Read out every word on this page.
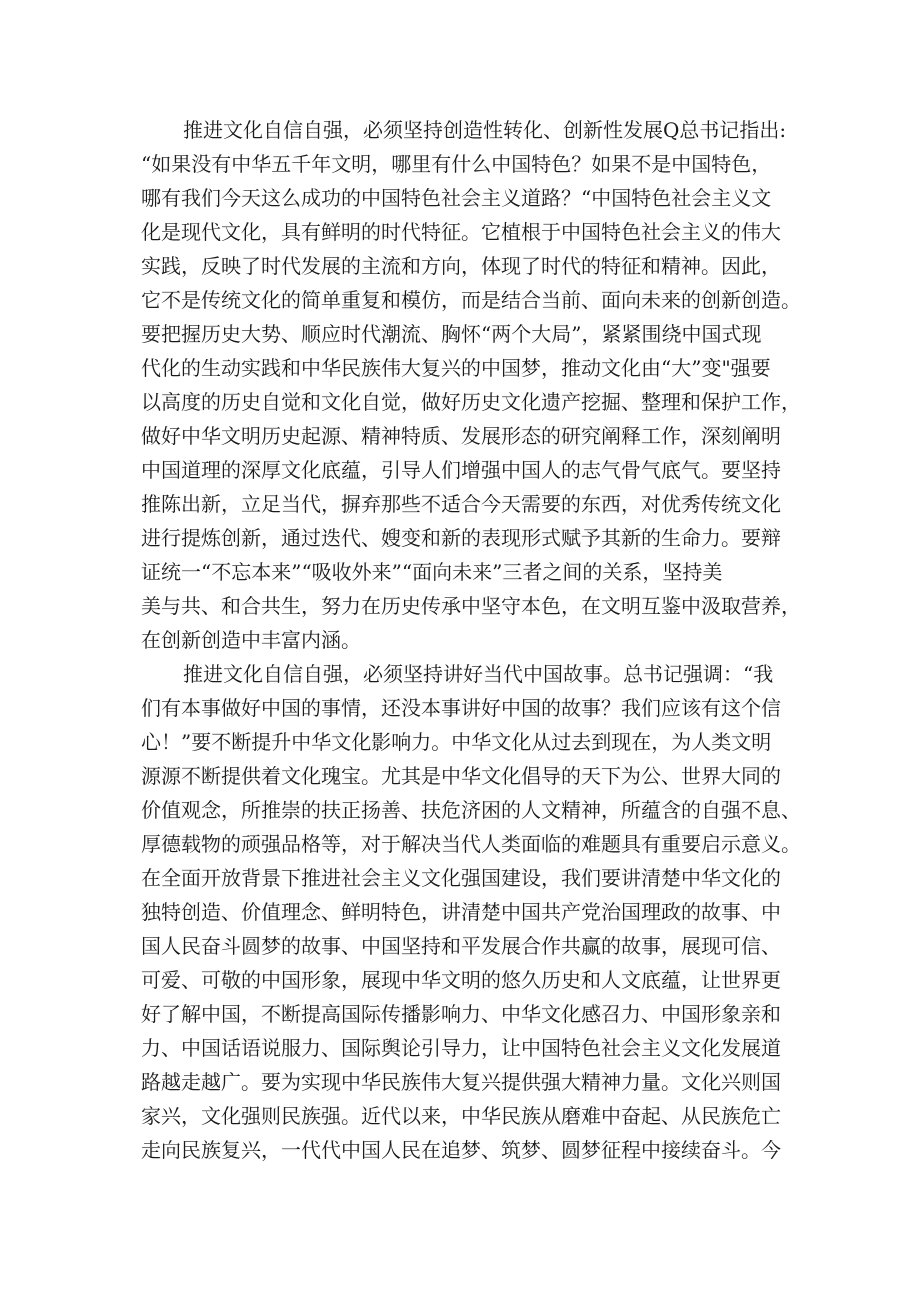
推进文化自信自强，必须坚持创造性转化、创新性发展Q总书记指出:
“如果没有中华五千年文明，哪里有什么中国特色？如果不是中国特色，
哪有我们今天这么成功的中国特色社会主义道路？“中国特色社会主义文
化是现代文化，具有鲜明的时代特征。它植根于中国特色社会主义的伟大
实践，反映了时代发展的主流和方向，体现了时代的特征和精神。因此，
它不是传统文化的简单重复和模仿，而是结合当前、面向未来的创新创造。
要把握历史大势、顺应时代潮流、胸怀“两个大局”，紧紧围绕中国式现
代化的生动实践和中华民族伟大复兴的中国梦，推动文化由“大”变"强要
以高度的历史自觉和文化自觉，做好历史文化遗产挖掘、整理和保护工作，
做好中华文明历史起源、精神特质、发展形态的研究阐释工作，深刻阐明
中国道理的深厚文化底蕴，引导人们增强中国人的志气骨气底气。要坚持
推陈出新，立足当代，摒弃那些不适合今天需要的东西，对优秀传统文化
进行提炼创新，通过迭代、嫂变和新的表现形式赋予其新的生命力。要辩
证统一“不忘本来”“吸收外来”“面向未来”三者之间的关系，坚持美
美与共、和合共生，努力在历史传承中坚守本色，在文明互鉴中汲取营养，
在创新创造中丰富内涵。
推进文化自信自强，必须坚持讲好当代中国故事。总书记强调：“我
们有本事做好中国的事情，还没本事讲好中国的故事？我们应该有这个信
心！”要不断提升中华文化影响力。中华文化从过去到现在，为人类文明
源源不断提供着文化瑰宝。尤其是中华文化倡导的天下为公、世界大同的
价值观念，所推崇的扶正扬善、扶危济困的人文精神，所蕴含的自强不息、
厚德载物的顽强品格等，对于解决当代人类面临的难题具有重要启示意义。
在全面开放背景下推进社会主义文化强国建设，我们要讲清楚中华文化的
独特创造、价值理念、鲜明特色，讲清楚中国共产党治国理政的故事、中
国人民奋斗圆梦的故事、中国坚持和平发展合作共赢的故事，展现可信、
可爱、可敬的中国形象，展现中华文明的悠久历史和人文底蕴，让世界更
好了解中国，不断提高国际传播影响力、中华文化感召力、中国形象亲和
力、中国话语说服力、国际舆论引导力，让中国特色社会主义文化发展道
路越走越广。要为实现中华民族伟大复兴提供强大精神力量。文化兴则国
家兴，文化强则民族强。近代以来，中华民族从磨难中奋起、从民族危亡
走向民族复兴，一代代中国人民在追梦、筑梦、圆梦征程中接续奋斗。今
